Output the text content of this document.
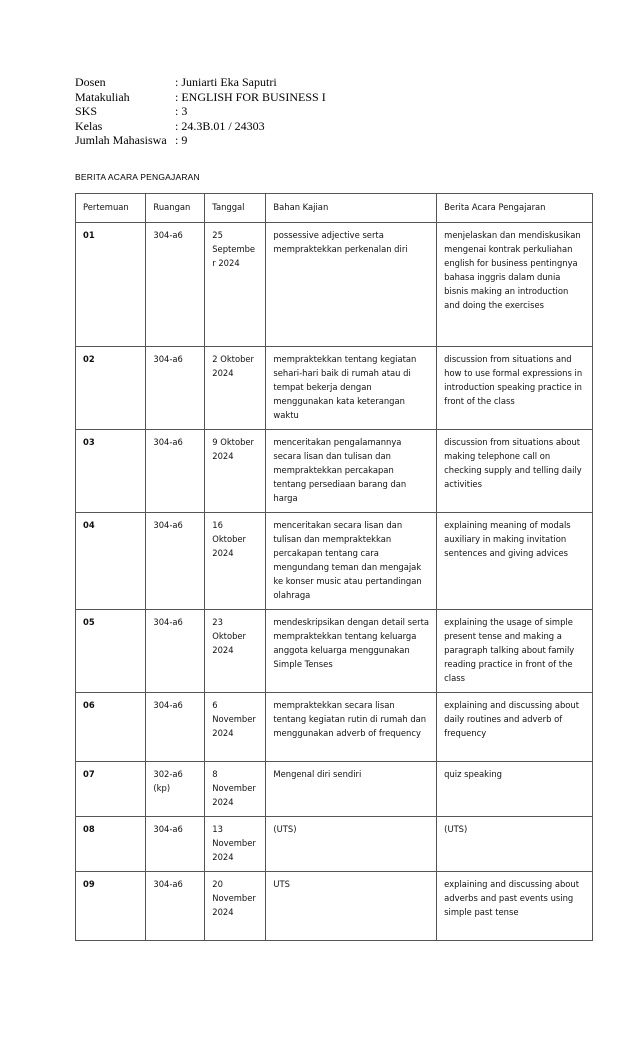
Dosen	: Juniarti Eka Saputri
Matakuliah	: ENGLISH FOR BUSINESS I
SKS	: 3
Kelas	: 24.3B.01 / 24303
Jumlah Mahasiswa : 9
BERITA ACARA PENGAJARAN
Pertemuan	Ruangan	Tanggal	Bahan Kajian	Berita Acara Pengajaran
01	304-a6	25 September 2024	possessive adjective serta mempraktekkan perkenalan diri	menjelaskan dan mendiskusikan mengenai kontrak perkuliahan english for business pentingnya bahasa inggris dalam dunia bisnis making an introduction
and doing the exercises
02	304-a6	2 Oktober 2024	mempraktekkan tentang kegiatan sehari-hari baik di rumah atau di tempat bekerja dengan menggunakan kata keterangan waktu	discussion from situations and how to use formal expressions in introduction speaking practice in front of the class
03	304-a6	9 Oktober 2024	menceritakan pengalamannya secara lisan dan tulisan dan mempraktekkan percakapan tentang persediaan barang dan harga	discussion from situations about making telephone call on checking supply and telling daily activities
04	304-a6	16 Oktober 2024	menceritakan secara lisan dan tulisan dan mempraktekkan percakapan tentang cara mengundang teman dan mengajak ke konser music atau pertandingan olahraga	explaining meaning of modals auxiliary in making invitation sentences and giving advices
05	304-a6	23 Oktober 2024	mendeskripsikan dengan detail serta mempraktekkan tentang keluarga anggota keluarga menggunakan Simple Tenses	explaining the usage of simple present tense and making a paragraph talking about family reading practice in front of the class
06	304-a6	6 November 2024	mempraktekkan secara lisan tentang kegiatan rutin di rumah dan menggunakan adverb of frequency	explaining and discussing about daily routines and adverb of frequency
07	302-a6 (kp)	8 November 2024	Mengenal diri sendiri	quiz speaking
08	304-a6	13 November 2024	(UTS)	(UTS)
09	304-a6	20 November 2024	UTS	explaining and discussing about adverbs and past events using simple past tense
